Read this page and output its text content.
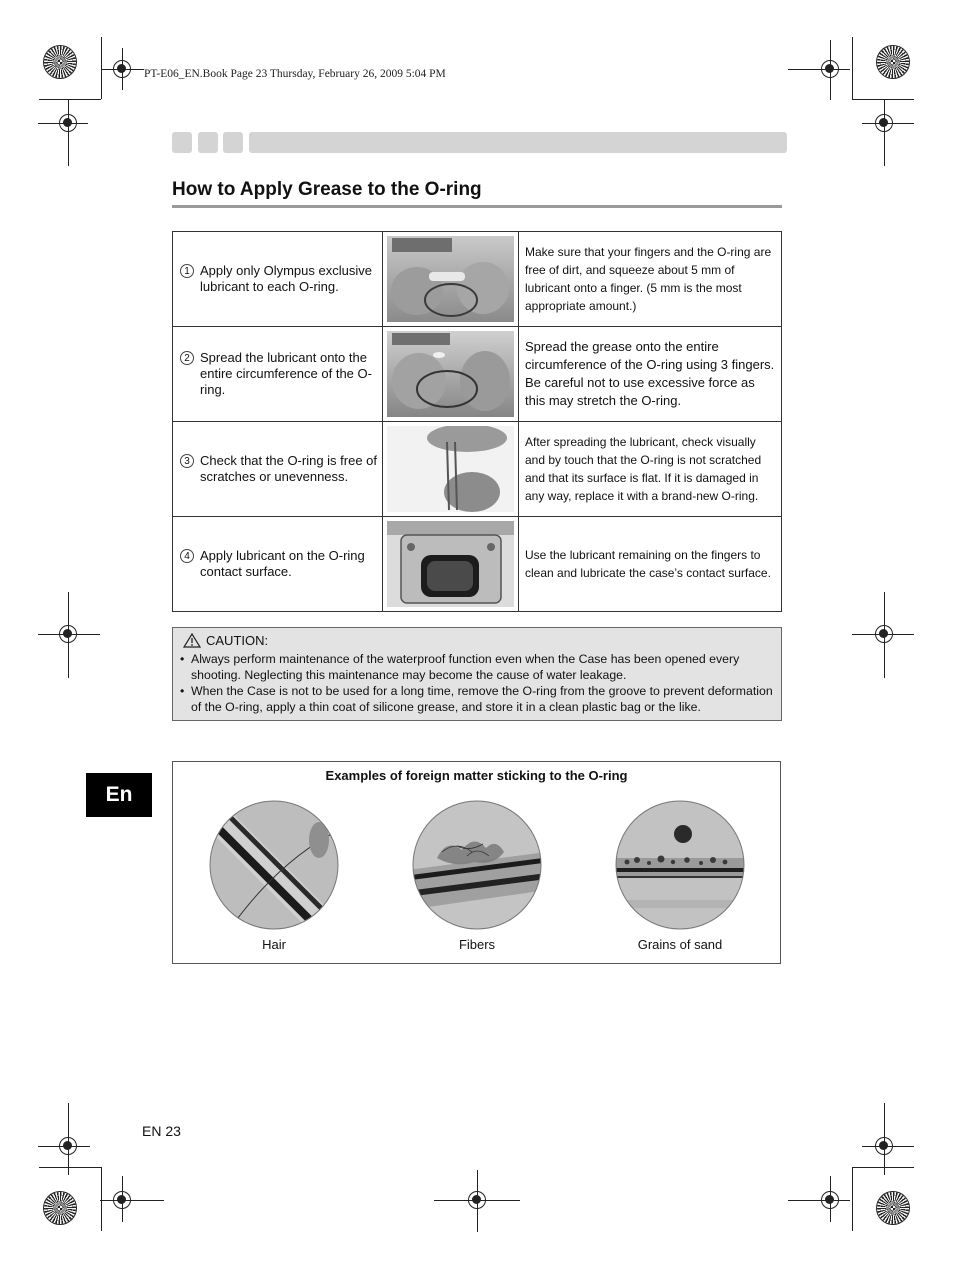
PT-E06_EN.Book Page 23 Thursday, February 26, 2009 5:04 PM
How to Apply Grease to the O-ring
1 Apply only Olympus exclusive lubricant to each O-ring.		Make sure that your fingers and the O-ring are free of dirt, and squeeze about 5 mm of lubricant onto a finger. (5 mm is the most appropriate amount.)

2 Spread the lubricant onto the entire circumference of the O-ring.		Spread the grease onto the entire circumference of the O-ring using 3 fingers. Be careful not to use excessive force as this may stretch the O-ring.

3 Check that the O-ring is free of scratches or unevenness.		After spreading the lubricant, check visually and by touch that the O-ring is not scratched and that its surface is flat. If it is damaged in any way, replace it with a brand-new O-ring.

4 Apply lubricant on the O-ring contact surface.		Use the lubricant remaining on the fingers to clean and lubricate the case’s contact surface.
CAUTION:
• Always perform maintenance of the waterproof function even when the Case has been opened every shooting. Neglecting this maintenance may become the cause of water leakage.
• When the Case is not to be used for a long time, remove the O-ring from the groove to prevent deformation of the O-ring, apply a thin coat of silicone grease, and store it in a clean plastic bag or the like.
En
Examples of foreign matter sticking to the O-ring
Hair	Fibers	Grains of sand
EN 23
